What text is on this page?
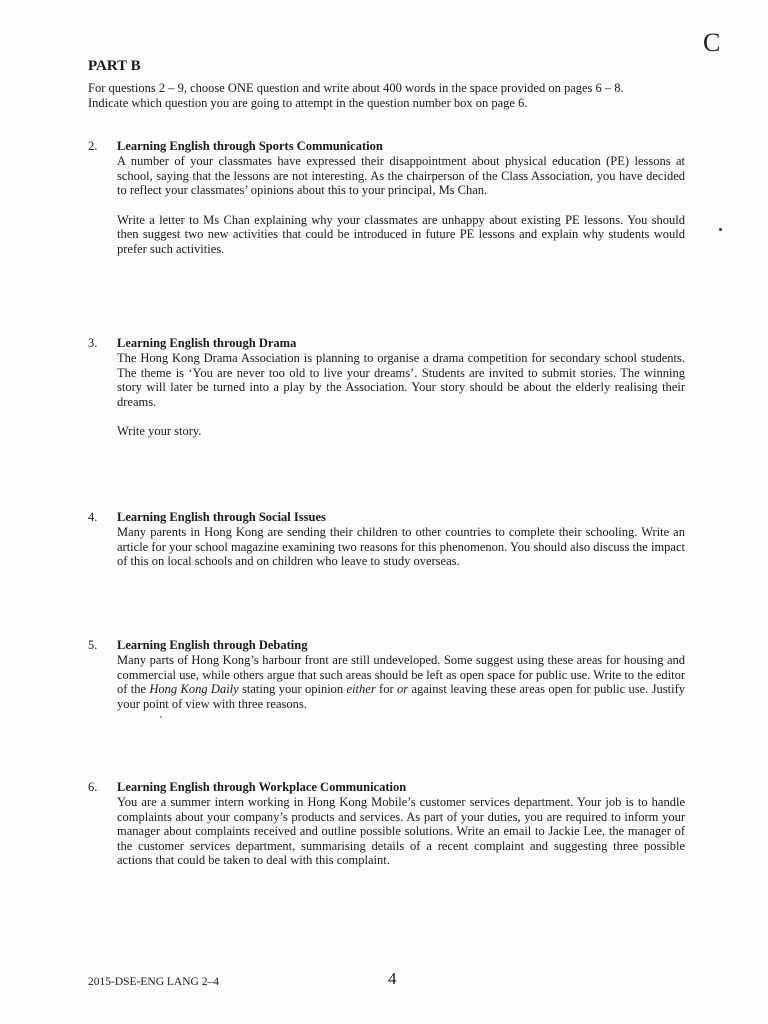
C
PART B

For questions 2 – 9, choose ONE question and write about 400 words in the space provided on pages 6 – 8.

Indicate which question you are going to attempt in the question number box on page 6.

2. Learning English through Sports Communication

A number of your classmates have expressed their disappointment about physical education (PE) lessons at school, saying that the lessons are not interesting. As the chairperson of the Class Association, you have decided to reflect your classmates’ opinions about this to your principal, Ms Chan.

Write a letter to Ms Chan explaining why your classmates are unhappy about existing PE lessons. You should then suggest two new activities that could be introduced in future PE lessons and explain why students would prefer such activities.

3. Learning English through Drama

The Hong Kong Drama Association is planning to organise a drama competition for secondary school students. The theme is ‘You are never too old to live your dreams’. Students are invited to submit stories. The winning story will later be turned into a play by the Association. Your story should be about the elderly realising their dreams.

Write your story.

4. Learning English through Social Issues

Many parents in Hong Kong are sending their children to other countries to complete their schooling. Write an article for your school magazine examining two reasons for this phenomenon. You should also discuss the impact of this on local schools and on children who leave to study overseas.

5. Learning English through Debating

Many parts of Hong Kong’s harbour front are still undeveloped. Some suggest using these areas for housing and commercial use, while others argue that such areas should be left as open space for public use. Write to the editor of the Hong Kong Daily stating your opinion either for or against leaving these areas open for public use. Justify your point of view with three reasons.

6. Learning English through Workplace Communication

You are a summer intern working in Hong Kong Mobile’s customer services department. Your job is to handle complaints about your company’s products and services. As part of your duties, you are required to inform your manager about complaints received and outline possible solutions. Write an email to Jackie Lee, the manager of the customer services department, summarising details of a recent complaint and suggesting three possible actions that could be taken to deal with this complaint.

2015-DSE-ENG LANG 2–4	4
